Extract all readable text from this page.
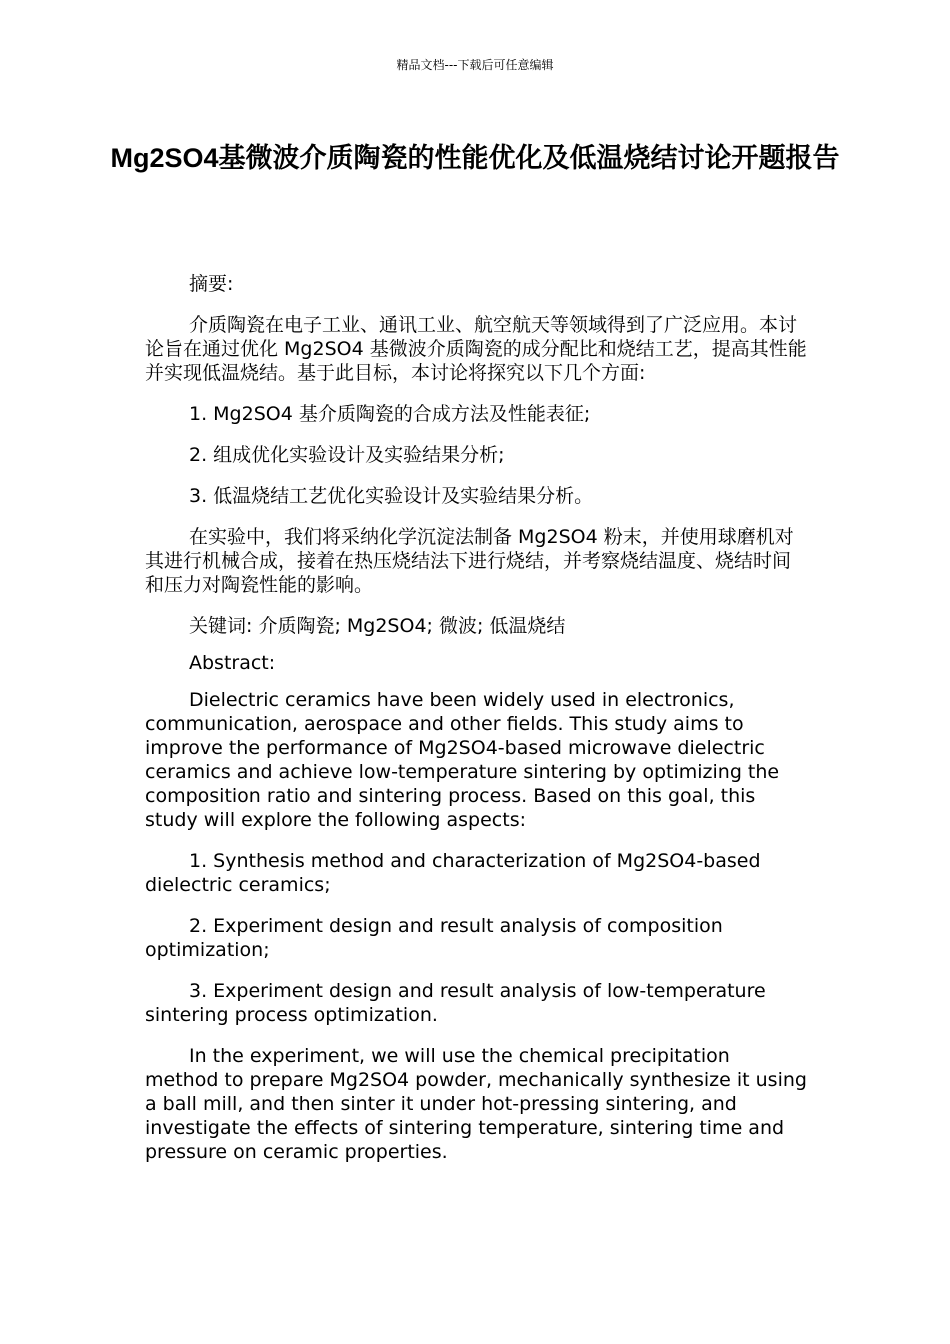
精品文档---下载后可任意编辑
Mg2SO4基微波介质陶瓷的性能优化及低温烧结讨论开题报告

摘要:

介质陶瓷在电子工业、通讯工业、航空航天等领域得到了广泛应用。本讨论旨在通过优化 Mg2SO4 基微波介质陶瓷的成分配比和烧结工艺，提高其性能并实现低温烧结。基于此目标，本讨论将探究以下几个方面:

1. Mg2SO4 基介质陶瓷的合成方法及性能表征;

2. 组成优化实验设计及实验结果分析;

3. 低温烧结工艺优化实验设计及实验结果分析。

在实验中，我们将采纳化学沉淀法制备 Mg2SO4 粉末，并使用球磨机对其进行机械合成，接着在热压烧结法下进行烧结，并考察烧结温度、烧结时间和压力对陶瓷性能的影响。

关键词: 介质陶瓷; Mg2SO4; 微波; 低温烧结

Abstract:

Dielectric ceramics have been widely used in electronics, communication, aerospace and other fields. This study aims to improve the performance of Mg2SO4-based microwave dielectric ceramics and achieve low-temperature sintering by optimizing the composition ratio and sintering process. Based on this goal, this study will explore the following aspects:

1. Synthesis method and characterization of Mg2SO4-based dielectric ceramics;

2. Experiment design and result analysis of composition optimization;

3. Experiment design and result analysis of low-temperature sintering process optimization.

In the experiment, we will use the chemical precipitation method to prepare Mg2SO4 powder, mechanically synthesize it using a ball mill, and then sinter it under hot-pressing sintering, and investigate the effects of sintering temperature, sintering time and pressure on ceramic properties.
